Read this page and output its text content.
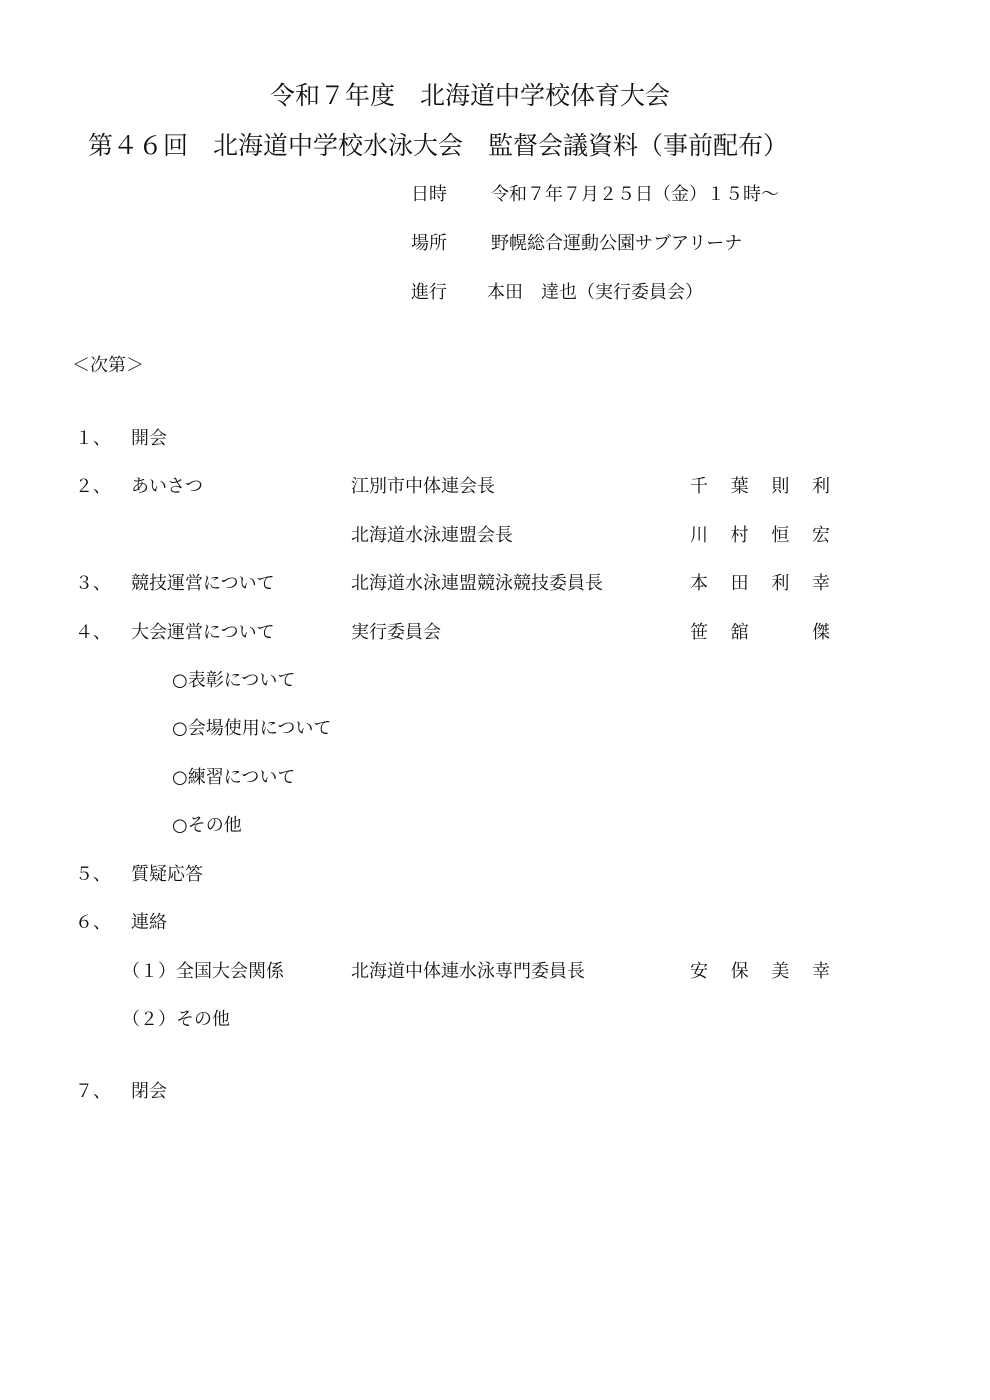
令和７年度　北海道中学校体育大会
第４６回　北海道中学校水泳大会　監督会議資料（事前配布）
日時 令和７年７月２５日（金）１５時～
場所 野幌総合運動公園サブアリーナ
進行 本田　達也（実行委員会）
＜次第＞
１、 開会
２、 あいさつ	江別市中体連会長	千 葉 則 利
北海道水泳連盟会長	川 村 恒 宏
３、 競技運営について	北海道水泳連盟競泳競技委員長	本 田 利 幸
４、 大会運営について	実行委員会	笹 舘	傑
○表彰について
○会場使用について
○練習について
○その他
５、 質疑応答
６、 連絡
（１）全国大会関係	北海道中体連水泳専門委員長	安 保 美 幸
（２）その他
７、 閉会
